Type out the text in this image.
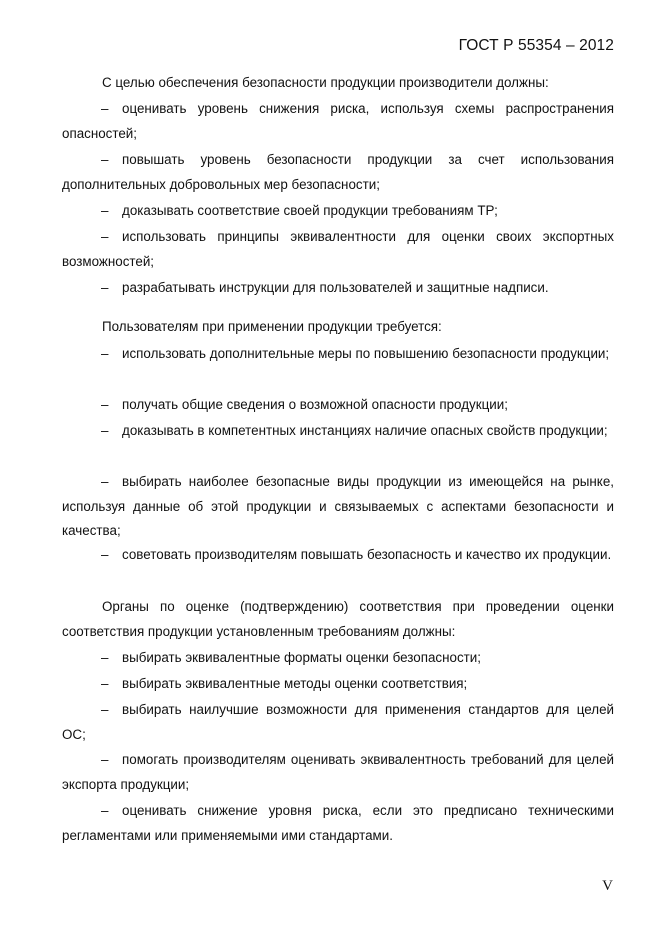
ГОСТ Р 55354 – 2012
С целью обеспечения безопасности продукции производители должны:
– оценивать уровень снижения риска, используя схемы распространения опасностей;
– повышать уровень безопасности продукции за счет использования дополнительных добровольных мер безопасности;
– доказывать соответствие своей продукции требованиям ТР;
– использовать принципы эквивалентности для оценки своих экспортных возможностей;
– разрабатывать инструкции для пользователей и защитные надписи.
Пользователям при применении продукции требуется:
– использовать дополнительные меры по повышению безопасности продукции;
– получать общие сведения о возможной опасности продукции;
– доказывать в компетентных инстанциях наличие опасных свойств продукции;
– выбирать наиболее безопасные виды продукции из имеющейся на рынке, используя данные об этой продукции и связываемых с аспектами безопасности и качества;
– советовать производителям повышать безопасность и качество их продукции.
Органы по оценке (подтверждению) соответствия при проведении оценки соответствия продукции установленным требованиям должны:
– выбирать эквивалентные форматы оценки безопасности;
– выбирать эквивалентные методы оценки соответствия;
– выбирать наилучшие возможности для применения стандартов для целей ОС;
– помогать производителям оценивать эквивалентность требований для целей экспорта продукции;
– оценивать снижение уровня риска, если это предписано техническими регламентами или применяемыми ими стандартами.
V
